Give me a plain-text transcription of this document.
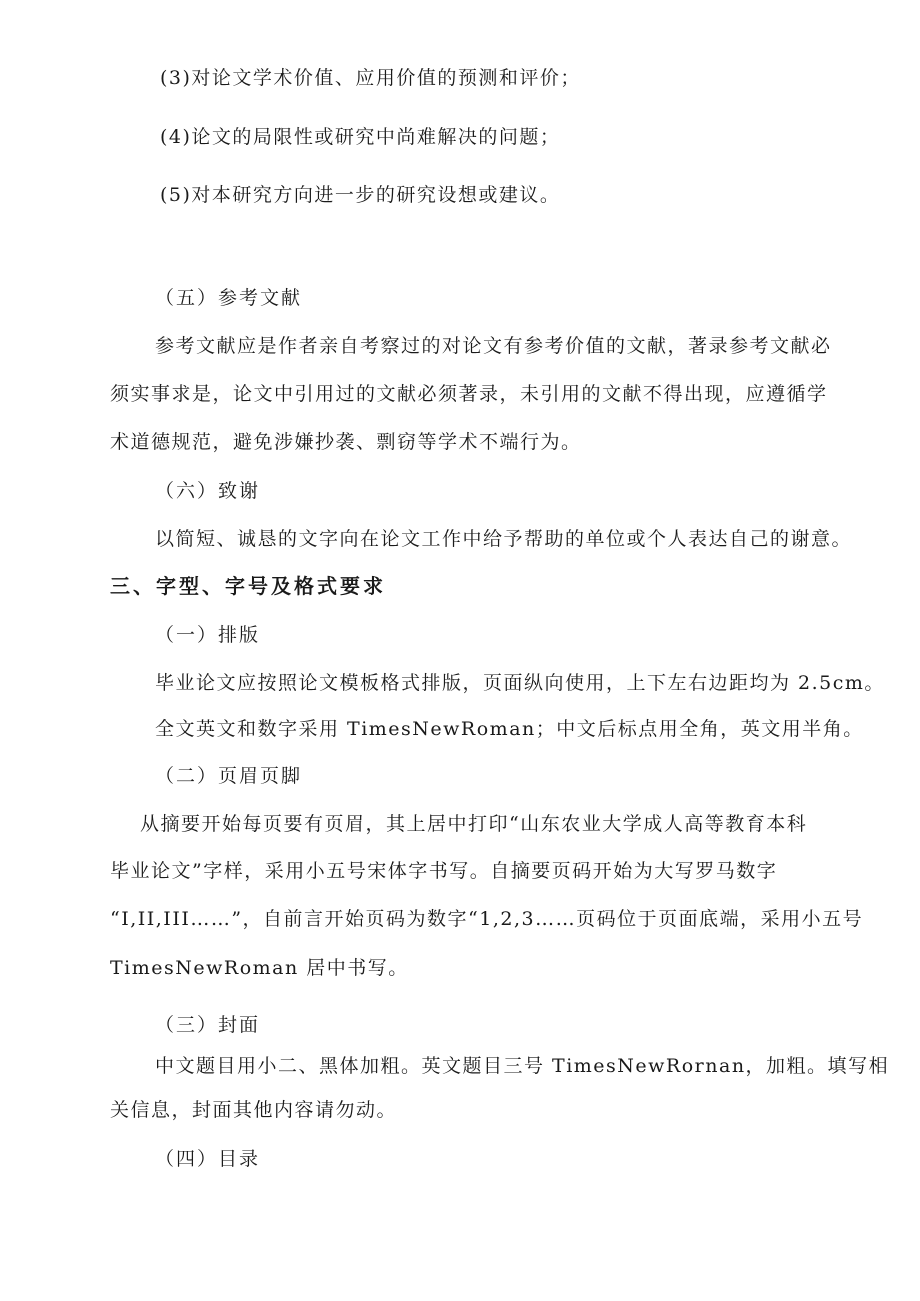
(3)对论文学术价值、应用价值的预测和评价；
(4)论文的局限性或研究中尚难解决的问题；
(5)对本研究方向进一步的研究设想或建议。
（五）参考文献
参考文献应是作者亲自考察过的对论文有参考价值的文献，著录参考文献必
须实事求是，论文中引用过的文献必须著录，未引用的文献不得出现，应遵循学
术道德规范，避免涉嫌抄袭、剽窃等学术不端行为。
（六）致谢
以简短、诚恳的文字向在论文工作中给予帮助的单位或个人表达自己的谢意。
三、字型、字号及格式要求
（一）排版
毕业论文应按照论文模板格式排版，页面纵向使用，上下左右边距均为 2.5cm。
全文英文和数字采用 TimesNewRoman；中文后标点用全角，英文用半角。
（二）页眉页脚
从摘要开始每页要有页眉，其上居中打印“山东农业大学成人高等教育本科
毕业论文”字样，采用小五号宋体字书写。自摘要页码开始为大写罗马数字
“I,II,III……”，自前言开始页码为数字“1,2,3……页码位于页面底端，采用小五号
TimesNewRoman 居中书写。
（三）封面
中文题目用小二、黑体加粗。英文题目三号 TimesNewRornan，加粗。填写相
关信息，封面其他内容请勿动。
（四）目录
